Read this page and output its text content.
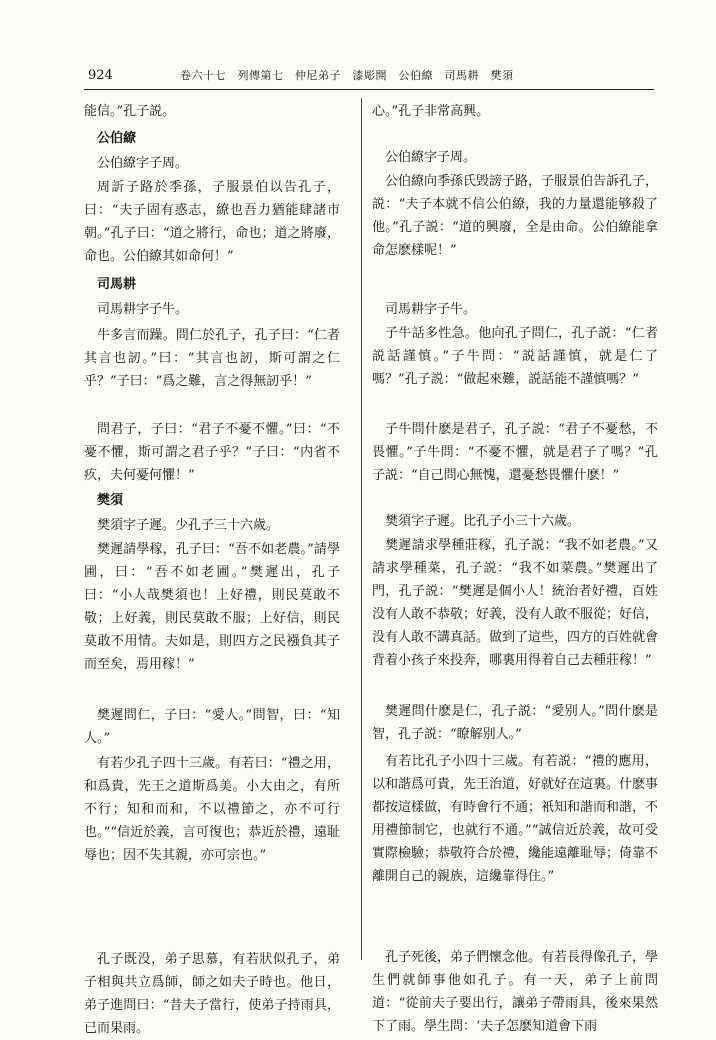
924	卷六十七　列傳第七　仲尼弟子　漆彫開　公伯繚　司馬耕　樊須
能信。”孔子説。
公伯繚
公伯繚字子周。
周訢子路於季孫，子服景伯以告孔子，曰：“夫子固有惑志，繚也吾力猶能肆諸市朝。”孔子曰：“道之將行，命也；道之將廢，命也。公伯繚其如命何！”
司馬耕
司馬耕字子牛。
牛多言而躁。問仁於孔子，孔子曰：“仁者其言也訒。”曰：“其言也訒，斯可謂之仁乎？”子曰：“爲之難，言之得無訒乎！”
問君子，子曰：“君子不憂不懼。”曰：“不憂不懼，斯可謂之君子乎？”子曰：“内省不疚，夫何憂何懼！”
樊須
樊須字子遲。少孔子三十六歲。
樊遲請學稼，孔子曰：“吾不如老農。”請學圃，曰：“吾不如老圃。”樊遲出，孔子曰：“小人哉樊須也！上好禮，則民莫敢不敬；上好義，則民莫敢不服；上好信，則民莫敢不用情。夫如是，則四方之民襁負其子而至矣，焉用稼！”
樊遲問仁，子曰：“愛人。”問智，曰：“知人。”
有若少孔子四十三歲。有若曰：“禮之用，和爲貴，先王之道斯爲美。小大由之，有所不行；知和而和，不以禮節之，亦不可行也。”“信近於義，言可復也；恭近於禮，遠耻辱也；因不失其親，亦可宗也。”
孔子既没，弟子思慕，有若狀似孔子，弟子相與共立爲師，師之如夫子時也。他日，弟子進問曰：“昔夫子當行，使弟子持雨具，已而果雨。
心。”孔子非常高興。
公伯繚字子周。
公伯繚向季孫氏毁謗子路，子服景伯告訴孔子，説：“夫子本就不信公伯繚，我的力量還能够殺了他。”孔子説：“道的興廢，全是由命。公伯繚能拿命怎麽樣呢！”
司馬耕字子牛。
子牛話多性急。他向孔子問仁，孔子説：“仁者説話謹慎。”子牛問：“説話謹慎，就是仁了嗎？”孔子説：“做起來難，説話能不謹慎嗎？”
子牛問什麽是君子，孔子説：“君子不憂愁，不畏懼。”子牛問：“不憂不懼，就是君子了嗎？”孔子説：“自己問心無愧，還憂愁畏懼什麽！”
樊須字子遲。比孔子小三十六歲。
樊遲請求學種莊稼，孔子説：“我不如老農。”又請求學種菜，孔子説：“我不如菜農。”樊遲出了門，孔子説：“樊遲是個小人！統治者好禮，百姓没有人敢不恭敬；好義，没有人敢不服從；好信，没有人敢不講真話。做到了這些，四方的百姓就會背着小孩子來投奔，哪裏用得着自己去種莊稼！”
樊遲問什麽是仁，孔子説：“愛别人。”問什麽是智，孔子説：“瞭解别人。”
有若比孔子小四十三歲。有若説：“禮的應用，以和諧爲可貴，先王治道，好就好在這裏。什麽事都按這樣做，有時會行不通；衹知和諧而和諧，不用禮節制它，也就行不通。”“誠信近於義，故可受實際檢驗；恭敬符合於禮，纔能遠離耻辱；倚靠不離開自己的親族，這纔靠得住。”
孔子死後，弟子們懷念他。有若長得像孔子，學生們就師事他如孔子。有一天，弟子上前問道：“從前夫子要出行，讓弟子帶雨具，後來果然下了雨。學生問：‘夫子怎麽知道會下雨
